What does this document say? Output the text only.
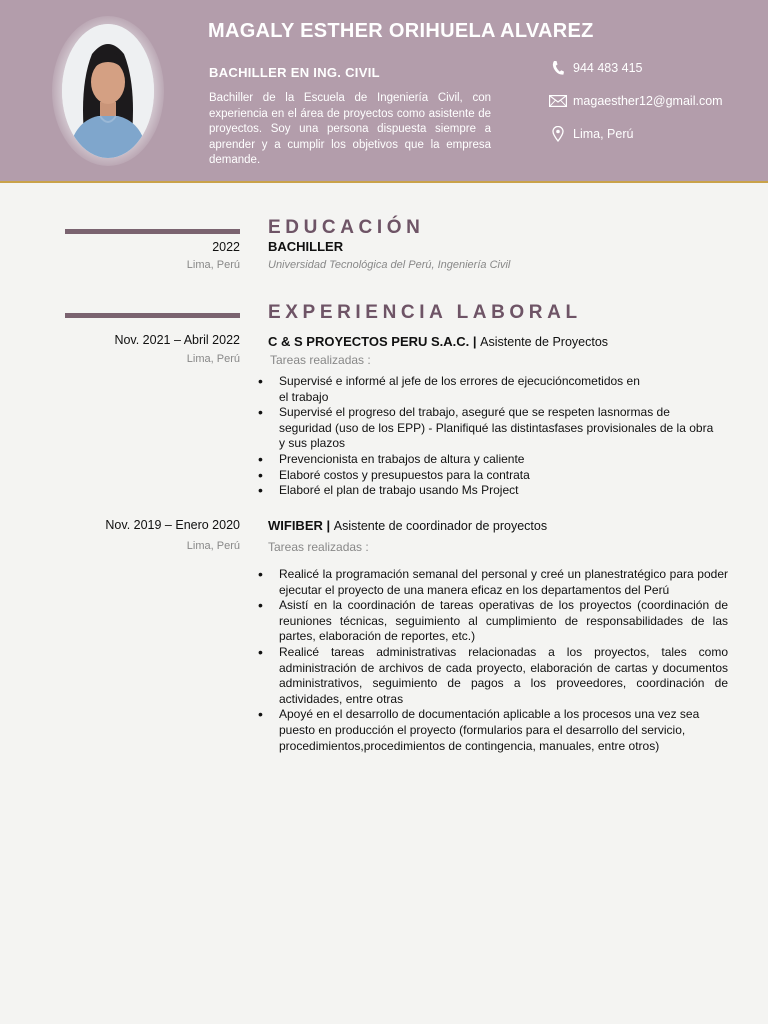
MAGALY ESTHER ORIHUELA ALVAREZ
BACHILLER EN ING. CIVIL
Bachiller de la Escuela de Ingeniería Civil, con experiencia en el área de proyectos como asistente de proyectos. Soy una persona dispuesta siempre a aprender y a cumplir los objetivos que la empresa demande.
944 483 415
magaesther12@gmail.com
Lima, Perú
EDUCACIÓN
2022
Lima, Perú
BACHILLER
Universidad Tecnológica del Perú, Ingeniería Civil
EXPERIENCIA LABORAL
Nov. 2021 – Abril 2022
Lima, Perú
C & S PROYECTOS PERU S.A.C. | Asistente de Proyectos
Tareas realizadas :
• Supervisé e informé al jefe de los errores de ejecucióncometidos en el trabajo
• Supervisé el progreso del trabajo, aseguré que se respeten lasnormas de seguridad (uso de los EPP) - Planifiqué las distintasfases provisionales de la obra y sus plazos
• Prevencionista en trabajos de altura y caliente
• Elaboré costos y presupuestos para la contrata
• Elaboré el plan de trabajo usando Ms Project
Nov. 2019 – Enero 2020
Lima, Perú
WIFIBER | Asistente de coordinador de proyectos
Tareas realizadas :
• Realicé la programación semanal del personal y creé un planestratégico para poder ejecutar el proyecto de una manera eficaz en los departamentos del Perú
• Asistí en la coordinación de tareas operativas de los proyectos (coordinación de reuniones técnicas, seguimiento al cumplimiento de responsabilidades de las partes, elaboración de reportes, etc.)
• Realicé tareas administrativas relacionadas a los proyectos, tales como administración de archivos de cada proyecto, elaboración de cartas y documentos administrativos, seguimiento de pagos a los proveedores, coordinación de actividades, entre otras
• Apoyé en el desarrollo de documentación aplicable a los procesos una vez sea puesto en producción el proyecto (formularios para el desarrollo del servicio, procedimientos,procedimientos de contingencia, manuales, entre otros)
